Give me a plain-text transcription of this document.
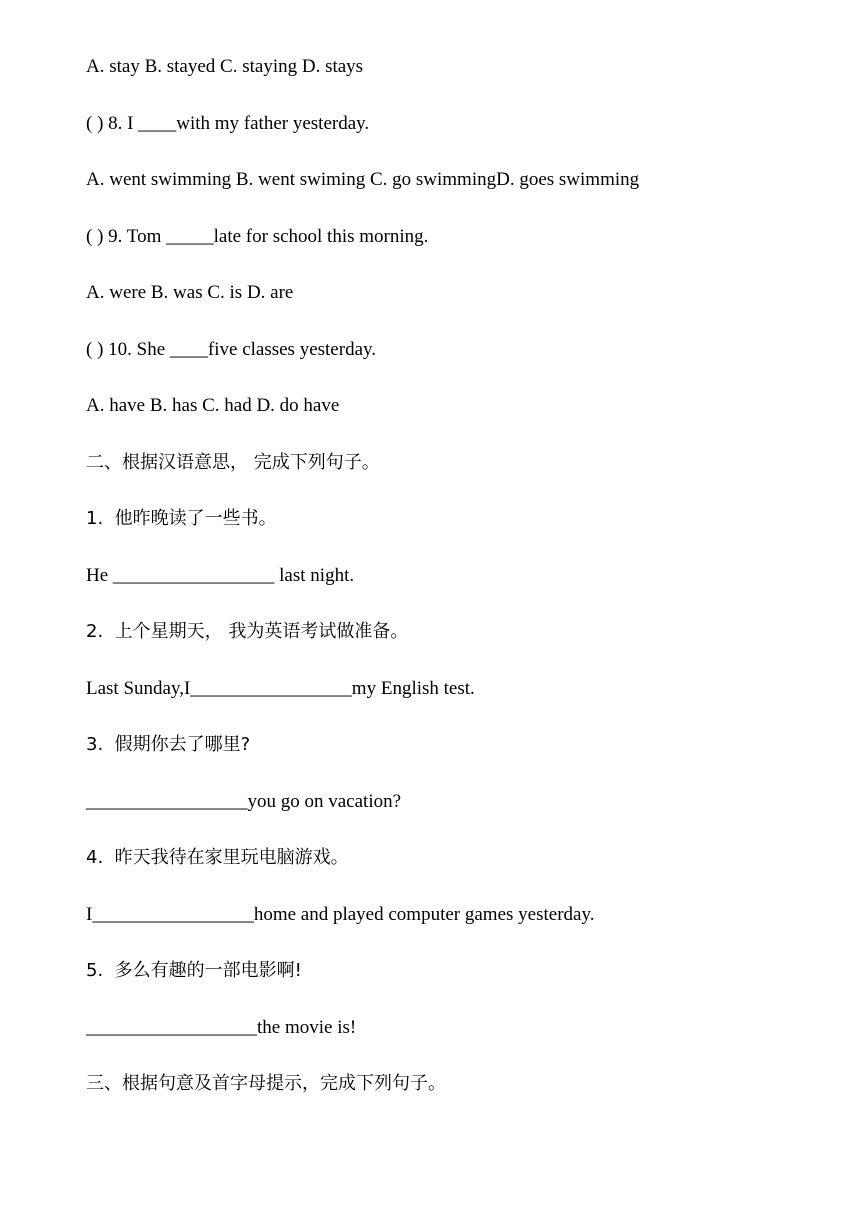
A. stay B. stayed C. staying D. stays
( ) 8. I ____with my father yesterday.
A. went swimming B. went swiming C. go swimmingD. goes swimming
( ) 9. Tom _____late for school this morning.
A. were B. was C. is D. are
( ) 10. She ____five classes yesterday.
A. have B. has C. had D. do have
二、根据汉语意思， 完成下列句子。
1.  他昨晚读了一些书。
He _________________ last night.
2.  上个星期天， 我为英语考试做准备。
Last Sunday,I_________________my English test.
3.  假期你去了哪里?
_________________you go on vacation?
4.  昨天我待在家里玩电脑游戏。
I_________________home and played computer games yesterday.
5.  多么有趣的一部电影啊!
__________________the movie is!
三、根据句意及首字母提示，完成下列句子。
